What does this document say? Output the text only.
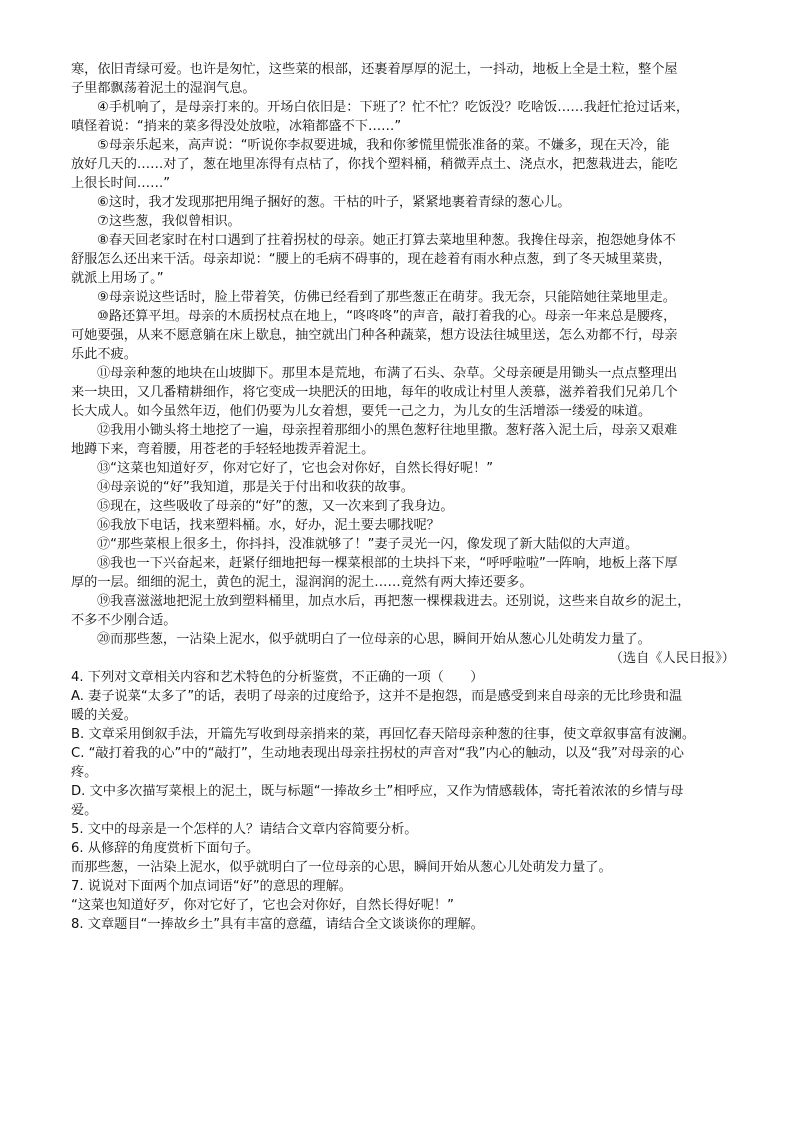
寒，依旧青绿可爱。也许是匆忙，这些菜的根部，还裹着厚厚的泥土，一抖动，地板上全是土粒，整个屋
子里都飘荡着泥土的湿润气息。
④手机响了，是母亲打来的。开场白依旧是：下班了？忙不忙？吃饭没？吃啥饭……我赶忙抢过话来，
嗔怪着说：“捎来的菜多得没处放啦，冰箱都盛不下……”
⑤母亲乐起来，高声说：“听说你李叔要进城，我和你爹慌里慌张准备的菜。不嫌多，现在天冷，能
放好几天的……对了，葱在地里冻得有点枯了，你找个塑料桶，稍微弄点土、浇点水，把葱栽进去，能吃
上很长时间……”
⑥这时，我才发现那把用绳子捆好的葱。干枯的叶子，紧紧地裹着青绿的葱心儿。
⑦这些葱，我似曾相识。
⑧春天回老家时在村口遇到了拄着拐杖的母亲。她正打算去菜地里种葱。我搀住母亲，抱怨她身体不
舒服怎么还出来干活。母亲却说：“腰上的毛病不碍事的，现在趁着有雨水种点葱，到了冬天城里菜贵，
就派上用场了。”
⑨母亲说这些话时，脸上带着笑，仿佛已经看到了那些葱正在萌芽。我无奈，只能陪她往菜地里走。
⑩路还算平坦。母亲的木质拐杖点在地上，“咚咚咚”的声音，敲打着我的心。母亲一年来总是腰疼，
可她要强，从来不愿意躺在床上歇息，抽空就出门种各种蔬菜，想方设法往城里送，怎么劝都不行，母亲
乐此不疲。
⑪母亲种葱的地块在山坡脚下。那里本是荒地，布满了石头、杂草。父母亲硬是用锄头一点点整理出
来一块田，又几番精耕细作，将它变成一块肥沃的田地，每年的收成让村里人羡慕，滋养着我们兄弟几个
长大成人。如今虽然年迈，他们仍要为儿女着想，要凭一己之力，为儿女的生活增添一缕爱的味道。
⑫我用小锄头将土地挖了一遍，母亲捏着那细小的黑色葱籽往地里撒。葱籽落入泥土后，母亲又艰难
地蹲下来，弯着腰，用苍老的手轻轻地拨弄着泥土。
⑬“这菜也知道好歹，你对它好了，它也会对你好，自然长得好呢！”
⑭母亲说的“好”我知道，那是关于付出和收获的故事。
⑮现在，这些吸收了母亲的“好”的葱，又一次来到了我身边。
⑯我放下电话，找来塑料桶。水，好办，泥土要去哪找呢？
⑰“那些菜根上很多土，你抖抖，没准就够了！”妻子灵光一闪，像发现了新大陆似的大声道。
⑱我也一下兴奋起来，赶紧仔细地把每一棵菜根部的土块抖下来，“呼呼啦啦”一阵响，地板上落下厚
厚的一层。细细的泥土，黄色的泥土，湿润润的泥土……竟然有两大捧还要多。
⑲我喜滋滋地把泥土放到塑料桶里，加点水后，再把葱一棵棵栽进去。还别说，这些来自故乡的泥土，
不多不少刚合适。
⑳而那些葱，一沾染上泥水，似乎就明白了一位母亲的心思，瞬间开始从葱心儿处萌发力量了。
（选自《人民日报》）
4. 下列对文章相关内容和艺术特色的分析鉴赏，不正确的一项（　　）
A. 妻子说菜“太多了”的话，表明了母亲的过度给予，这并不是抱怨，而是感受到来自母亲的无比珍贵和温
暖的关爱。
B. 文章采用倒叙手法，开篇先写收到母亲捎来的菜，再回忆春天陪母亲种葱的往事，使文章叙事富有波澜。
C. “敲打着我的心”中的“敲打”，生动地表现出母亲拄拐杖的声音对“我”内心的触动，以及“我”对母亲的心
疼。
D. 文中多次描写菜根上的泥土，既与标题“一捧故乡土”相呼应，又作为情感载体，寄托着浓浓的乡情与母
爱。
5. 文中的母亲是一个怎样的人？请结合文章内容简要分析。
6. 从修辞的角度赏析下面句子。
而那些葱，一沾染上泥水，似乎就明白了一位母亲的心思，瞬间开始从葱心儿处萌发力量了。
7. 说说对下面两个加点词语“好”的意思的理解。
“这菜也知道好歹，你对它好了，它也会对你好，自然长得好呢！”
8. 文章题目“一捧故乡土”具有丰富的意蕴，请结合全文谈谈你的理解。
